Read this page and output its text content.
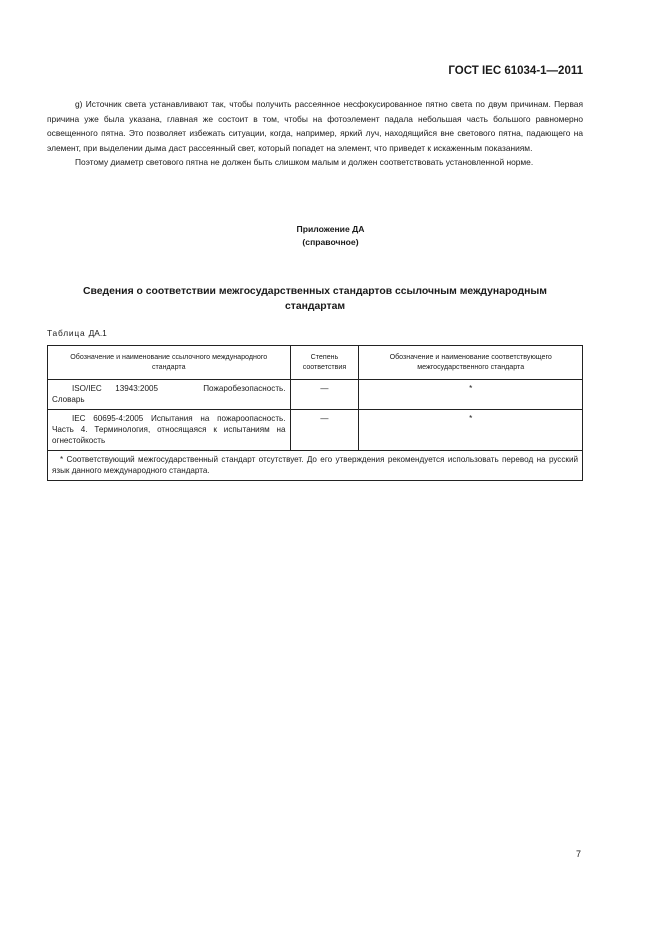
ГОСТ IEC 61034-1—2011

g) Источник света устанавливают так, чтобы получить рассеянное несфокусированное пятно света по двум причинам. Первая причина уже была указана, главная же состоит в том, чтобы на фотоэлемент падала небольшая часть большого равномерно освещенного пятна. Это позволяет избежать ситуации, когда, например, яркий луч, находящийся вне светового пятна, падающего на элемент, при выделении дыма даст рассеянный свет, который попадет на элемент, что приведет к искаженным показаниям.

Поэтому диаметр светового пятна не должен быть слишком малым и должен соответствовать установленной норме.

Приложение ДА
(справочное)
Сведения о соответствии межгосударственных стандартов ссылочным международным стандартам
Таблица ДА.1
Обозначение и наименование ссылочного международного стандарта	Степень соответствия	Обозначение и наименование соответствующего межгосударственного стандарта
ISO/IEC 13943:2005 Пожаробезопасность. Словарь	—	*
IEC 60695-4:2005 Испытания на пожароопасность. Часть 4. Терминология, относящаяся к испытаниям на огнестойкость	—	*
* Соответствующий межгосударственный стандарт отсутствует. До его утверждения рекомендуется использовать перевод на русский язык данного международного стандарта.		
7
